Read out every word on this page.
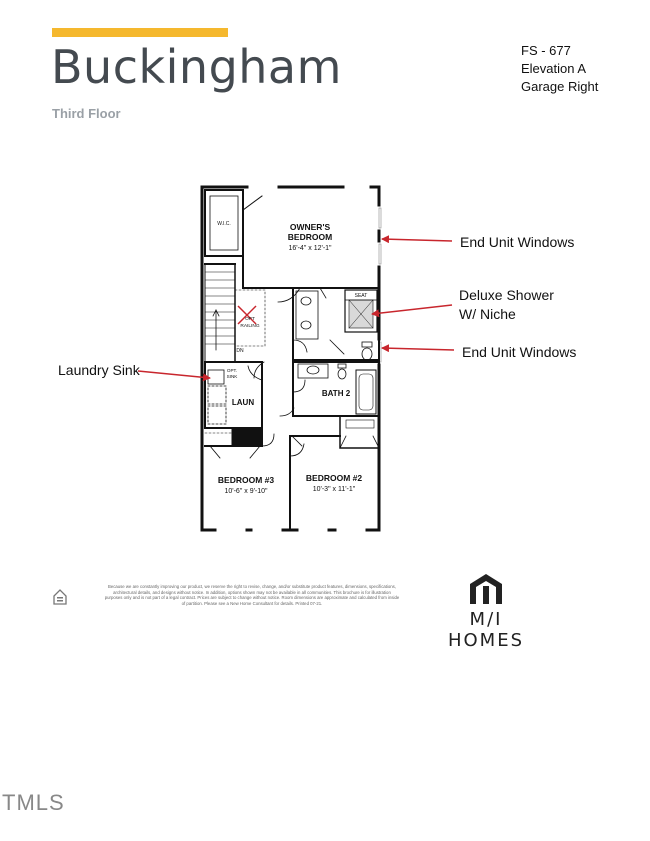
Buckingham
Third Floor
FS - 677
Elevation A
Garage Right
OWNER'S
BEDROOM
16'-4" x 12'-1"
W.I.C.
SEAT
OPT
RAILING
DN
OPT.
SINK
LAUN
BATH 2
BEDROOM #3
10'-6" x 9'-10"
BEDROOM #2
10'-3" x 11'-1"
End Unit Windows
Deluxe Shower
W/ Niche
End Unit Windows
Laundry Sink
Because we are constantly improving our product, we reserve the right to revise, change, and/or substitute product features, dimensions, specifications, architectural details, and designs without notice. In addition, options shown may not be available in all communities. This brochure is for illustration purposes only and is not part of a legal contract. Prices are subject to change without notice. Room dimensions are approximate and calculated from inside of partition. Please see a New Home Consultant for details. Printed 07-21.
M/I HOMES
TMLS
